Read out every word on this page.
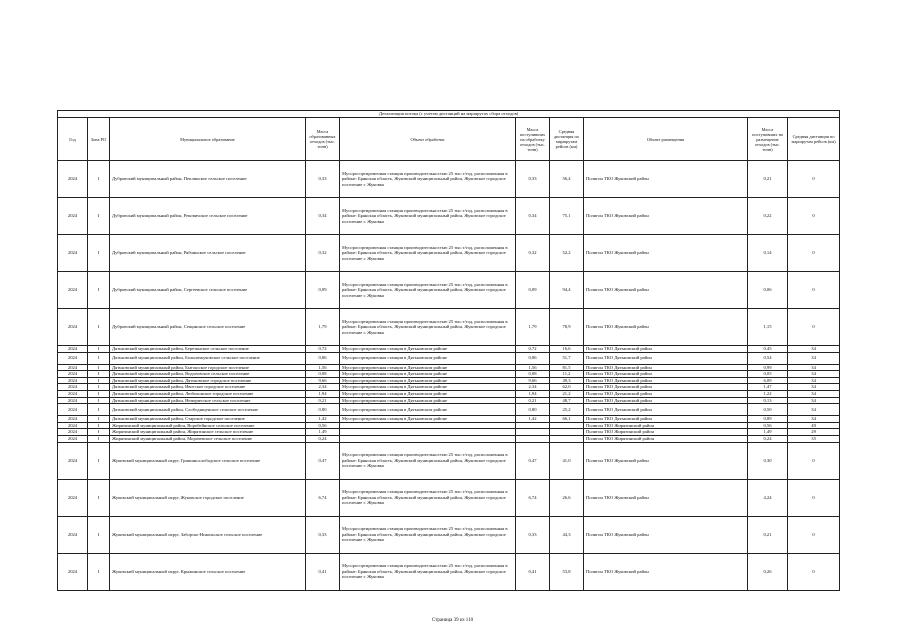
Детализация потока (с учетом дистанций на маршрутах сбора отходов)									
Год	Зона РО	Муниципальное образование	Масса образованных отходов (тыс. тонн)	Объект обработки	Масса поступивших на обработку отходов (тыс. тонн)	Средняя дистанция по маршрутам рейсов (км)	Объект размещения	Масса поступивших на размещение отходов (тыс. тонн)	Средняя дистанция по маршрутам рейсов (км)
2024	I	Дубровский муниципальный район, Пеклинское сельское поселение	0,33	Мусоросортировочная станция производительностью 25 тыс.т/год, расположенная в районе: Брянская область, Жуковский муниципальный район, Жуковское городское поселение г. Жуковка	0,33	56,4	Полигон ТКО Жуковский район	0,21	0
2024	I	Дубровский муниципальный район, Рековичское сельское поселение	0,34	Мусоросортировочная станция производительностью 25 тыс.т/год, расположенная в районе: Брянская область, Жуковский муниципальный район, Жуковское городское поселение г. Жуковка	0,34	75,1	Полигон ТКО Жуковский район	0,22	0
2024	I	Дубровский муниципальный район, Рябчинское сельское поселение	0,32	Мусоросортировочная станция производительностью 25 тыс.т/год, расположенная в районе: Брянская область, Жуковский муниципальный район, Жуковское городское поселение г. Жуковка	0,32	52,2	Полигон ТКО Жуковский район	0,14	0
2024	I	Дубровский муниципальный район, Сергеевское сельское поселение	0,09	Мусоросортировочная станция производительностью 25 тыс.т/год, расположенная в районе: Брянская область, Жуковский муниципальный район, Жуковское городское поселение г. Жуковка	0,09	94,4	Полигон ТКО Жуковский район	0,06	0
2024	I	Дубровский муниципальный район, Сещинское сельское поселение	1,79	Мусоросортировочная станция производительностью 25 тыс.т/год, расположенная в районе: Брянская область, Жуковский муниципальный район, Жуковское городское поселение г. Жуковка	1,79	78,9	Полигон ТКО Жуковский район	1,15	0
2024	I	Дятьковский муниципальный район, Березинское сельское поселение	0,72	Мусоросортировочная станция в Дятьковском районе	0,72	16,6	Полигон ТКО Дятьковский район	0,45	34
2024	I	Дятьковский муниципальный район, Большежуковское сельское поселение	0,86	Мусоросортировочная станция в Дятьковском районе	0,86	51,7	Полигон ТКО Дятьковский район	0,54	34
2024	I	Дятьковский муниципальный район, Бытошское городское поселение	1,56	Мусоросортировочная станция в Дятьковском районе	1,56	81,5	Полигон ТКО Дятьковский район	0,99	34
2024	I	Дятьковский муниципальный район, Водоеовское сельское поселение	0,08	Мусоросортировочная станция в Дятьковском районе	0,08	11,2	Полигон ТКО Дятьковский район	0,05	34
2024	I	Дятьковский муниципальный район, Дятьковское городское поселение	9,66	Мусоросортировочная станция в Дятьковском районе	9,66	49,3	Полигон ТКО Дятьковский район	6,09	34
2024	I	Дятьковский муниципальный район, Ивотское городское поселение	2,34	Мусоросортировочная станция в Дятьковском районе	2,34	62,0	Полигон ТКО Дятьковский район	1,47	34
2024	I	Дятьковский муниципальный район, Любохонское городское поселение	1,94	Мусоросортировочная станция в Дятьковском районе	1,94	21,2	Полигон ТКО Дятьковский район	1,22	34
2024	I	Дятьковский муниципальный район, Немеричское сельское поселение	0,21	Мусоросортировочная станция в Дятьковском районе	0,21	48,7	Полигон ТКО Дятьковский район	0,13	34
2024	I	Дятьковский муниципальный район, Слободищенское сельское поселение	0,80	Мусоросортировочная станция в Дятьковском районе	0,80	25,2	Полигон ТКО Дятьковский район	0,50	34
2024	I	Дятьковский муниципальный район, Старское городское поселение	1,42	Мусоросортировочная станция в Дятьковском районе	1,42	66,1	Полигон ТКО Дятьковский район	0,89	34
2024	I	Жирятинский муниципальный район, Воробейнское сельское поселение	0,56				Полигон ТКО Жирятинский район	0,56	49
2024	I	Жирятинский муниципальный район, Жирятинское сельское поселение	1,49				Полигон ТКО Жирятинский район	1,49	29
2024	I	Жирятинский муниципальный район, Морачевское сельское поселение	0,24				Полигон ТКО Жирятинский район	0,24	35
2024	I	Жуковский муниципальный округ, Гришинослободское сельское поселение	0,47	Мусоросортировочная станция производительностью 25 тыс.т/год, расположенная в районе: Брянская область, Жуковский муниципальный район, Жуковское городское поселение г. Жуковка	0,47	41,0	Полигон ТКО Жуковский район	0,30	0
2024	I	Жуковский муниципальный округ, Жуковское городское поселение	6,74	Мусоросортировочная станция производительностью 25 тыс.т/год, расположенная в районе: Брянская область, Жуковский муниципальный район, Жуковское городское поселение г. Жуковка	6,74	26,6	Полигон ТКО Жуковский район	4,24	0
2024	I	Жуковский муниципальный округ, Заборско-Никольское сельское поселение	0,33	Мусоросортировочная станция производительностью 25 тыс.т/год, расположенная в районе: Брянская область, Жуковский муниципальный район, Жуковское городское поселение г. Жуковка	0,33	44,3	Полигон ТКО Жуковский район	0,21	0
2024	I	Жуковский муниципальный округ, Крыжинское сельское поселение	0,41	Мусоросортировочная станция производительностью 25 тыс.т/год, расположенная в районе: Брянская область, Жуковский муниципальный район, Жуковское городское поселение г. Жуковка	0,41	53,8	Полигон ТКО Жуковский район	0,26	0
Страница 39 из 110
